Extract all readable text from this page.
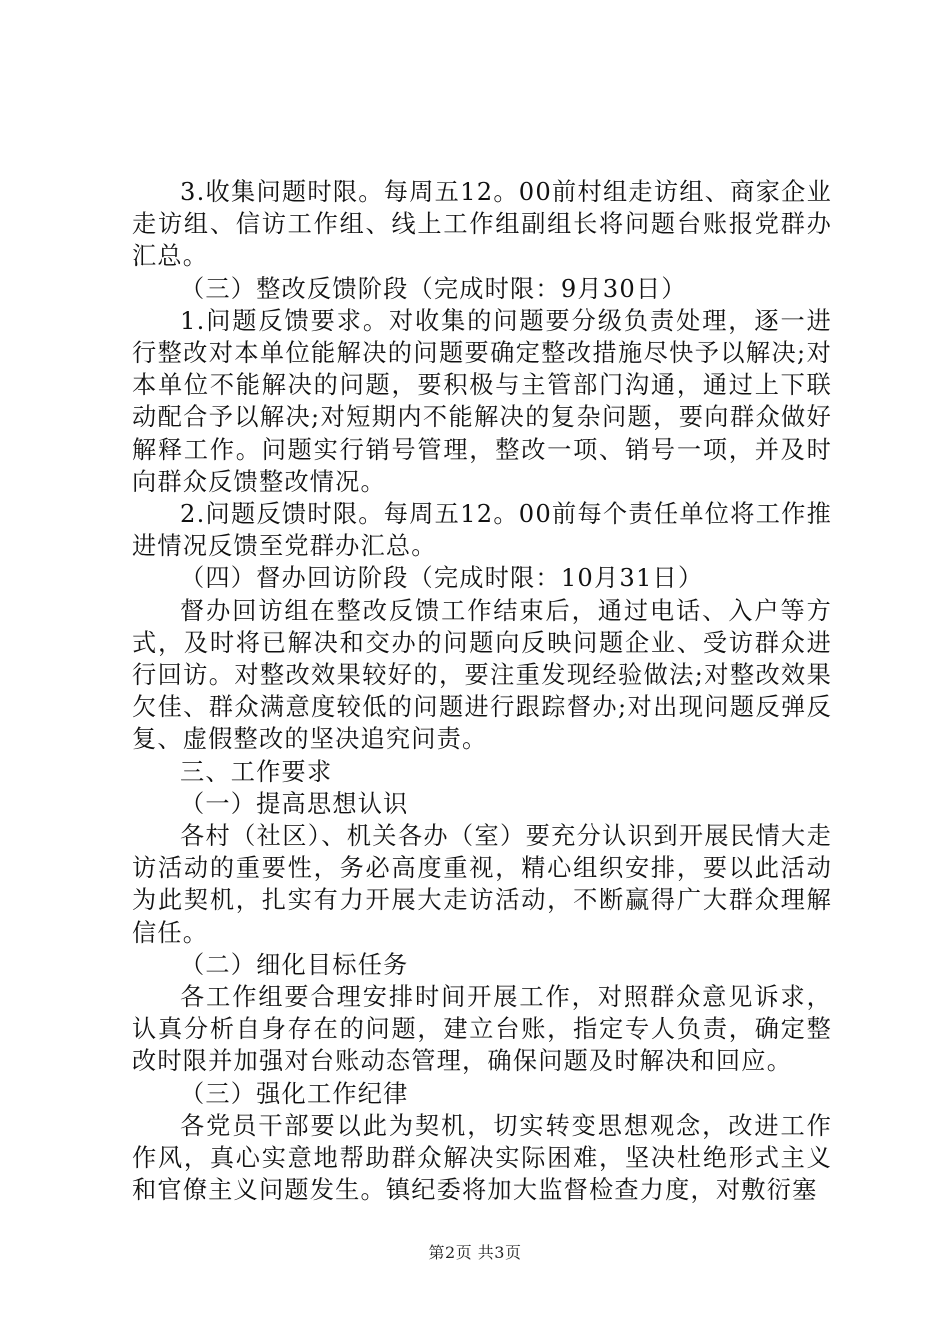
3.收集问题时限。每周五12。00前村组走访组、商家企业走访组、信访工作组、线上工作组副组长将问题台账报党群办汇总。

（三）整改反馈阶段（完成时限：9月30日）

1.问题反馈要求。对收集的问题要分级负责处理，逐一进行整改对本单位能解决的问题要确定整改措施尽快予以解决;对本单位不能解决的问题，要积极与主管部门沟通，通过上下联动配合予以解决;对短期内不能解决的复杂问题，要向群众做好解释工作。问题实行销号管理，整改一项、销号一项，并及时向群众反馈整改情况。

2.问题反馈时限。每周五12。00前每个责任单位将工作推进情况反馈至党群办汇总。

（四）督办回访阶段（完成时限：10月31日）

督办回访组在整改反馈工作结束后，通过电话、入户等方式，及时将已解决和交办的问题向反映问题企业、受访群众进行回访。对整改效果较好的，要注重发现经验做法;对整改效果欠佳、群众满意度较低的问题进行跟踪督办;对出现问题反弹反复、虚假整改的坚决追究问责。

三、工作要求

（一）提高思想认识

各村（社区）、机关各办（室）要充分认识到开展民情大走访活动的重要性，务必高度重视，精心组织安排，要以此活动为此契机，扎实有力开展大走访活动，不断赢得广大群众理解信任。

（二）细化目标任务

各工作组要合理安排时间开展工作，对照群众意见诉求，认真分析自身存在的问题，建立台账，指定专人负责，确定整改时限并加强对台账动态管理，确保问题及时解决和回应。

（三）强化工作纪律

各党员干部要以此为契机，切实转变思想观念，改进工作作风，真心实意地帮助群众解决实际困难，坚决杜绝形式主义和官僚主义问题发生。镇纪委将加大监督检查力度，对敷衍塞

第2页 共3页
